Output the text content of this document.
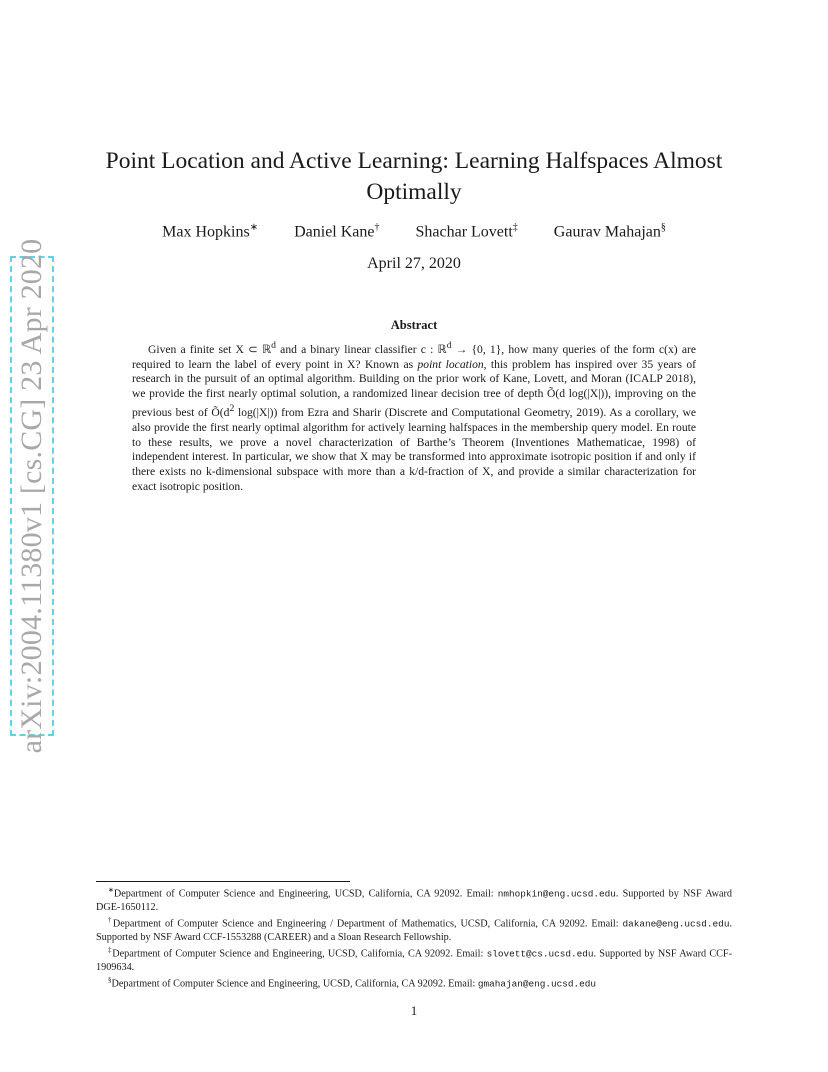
arXiv:2004.11380v1 [cs.CG] 23 Apr 2020
Point Location and Active Learning: Learning Halfspaces Almost Optimally
Max Hopkins∗ Daniel Kane† Shachar Lovett‡ Gaurav Mahajan§
April 27, 2020
Abstract

Given a finite set X ⊂ ℝ$^d$ and a binary linear classifier c : ℝ$^d$ → {0, 1}, how many queries of the form c(x) are required to learn the label of every point in X? Known as point location, this problem has inspired over 35 years of research in the pursuit of an optimal algorithm. Building on the prior work of Kane, Lovett, and Moran (ICALP 2018), we provide the first nearly optimal solution, a randomized linear decision tree of depth Õ(d log(|X|)), improving on the previous best of $Õ(d^2$ log(|X|)) from Ezra and Sharir (Discrete and Computational Geometry, 2019). As a corollary, we also provide the first nearly optimal algorithm for actively learning halfspaces in the membership query model. En route to these results, we prove a novel characterization of Barthe’s Theorem (Inventiones Mathematicae, 1998) of independent interest. In particular, we show that X may be transformed into approximate isotropic position if and only if there exists no k-dimensional subspace with more than a k/d-fraction of X, and provide a similar characterization for exact isotropic position.

∗Department of Computer Science and Engineering, UCSD, California, CA 92092. Email: nmhopkin@eng.ucsd.edu. Supported by NSF Award DGE-1650112.

†Department of Computer Science and Engineering / Department of Mathematics, UCSD, California, CA 92092. Email: dakane@eng.ucsd.edu. Supported by NSF Award CCF-1553288 (CAREER) and a Sloan Research Fellowship.

‡Department of Computer Science and Engineering, UCSD, California, CA 92092. Email: slovett@cs.ucsd.edu. Supported by NSF Award CCF-1909634.

§Department of Computer Science and Engineering, UCSD, California, CA 92092. Email: gmahajan@eng.ucsd.edu

1
